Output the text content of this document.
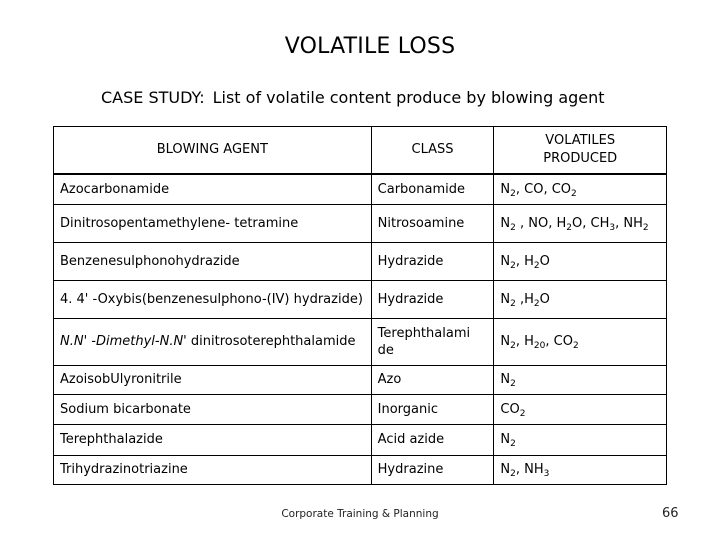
VOLATILE LOSS
CASE STUDY: List of volatile content produce by blowing agent
BLOWING AGENT	CLASS	VOLATILES PRODUCED
Azocarbonamide	Carbonamide	$N_2$, CO, $CO_2$
Dinitrosopentamethylene- tetramine	Nitrosoamine	$N_2$ , NO, $H_2O$, $CH_3$, $NH_2$
Benzenesulphonohydrazide	Hydrazide	$N_2$, $H_2O$
4. 4' -Oxybis(benzenesulphono-(IV) hydrazide)	Hydrazide	$N_2$ $,H_2O$
N.N' -Dimethyl-N.N' dinitrosoterephthalamide	Terephthalamide	$N_2$, $H_{20}$, $CO_2$
AzoisobUlyronitrile	Azo	$N_2$
Sodium bicarbonate	Inorganic	$CO_2$
Terephthalazide	Acid azide	$N_2$
Trihydrazinotriazine	Hydrazine	$N_2$, $NH_3$
Corporate Training & Planning	66
